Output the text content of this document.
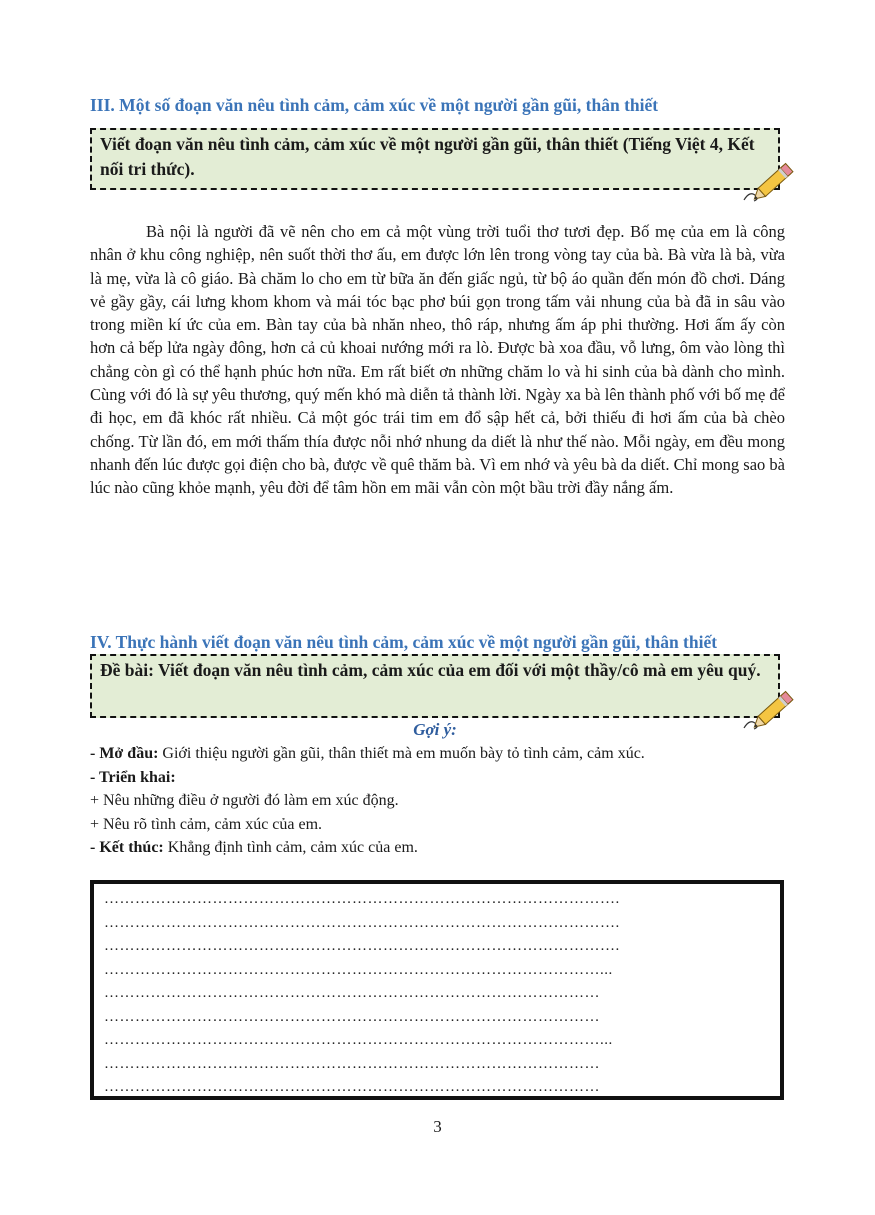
III. Một số đoạn văn nêu tình cảm, cảm xúc về một người gần gũi, thân thiết
Viết đoạn văn nêu tình cảm, cảm xúc về một người gần gũi, thân thiết (Tiếng Việt 4, Kết nối tri thức).

Bà nội là người đã vẽ nên cho em cả một vùng trời tuổi thơ tươi đẹp. Bố mẹ của em là công nhân ở khu công nghiệp, nên suốt thời thơ ấu, em được lớn lên trong vòng tay của bà. Bà vừa là bà, vừa là mẹ, vừa là cô giáo. Bà chăm lo cho em từ bữa ăn đến giấc ngủ, từ bộ áo quần đến món đồ chơi. Dáng vẻ gầy gầy, cái lưng khom khom và mái tóc bạc phơ búi gọn trong tấm vải nhung của bà đã in sâu vào trong miền kí ức của em. Bàn tay của bà nhăn nheo, thô ráp, nhưng ấm áp phi thường. Hơi ấm ấy còn hơn cả bếp lửa ngày đông, hơn cả củ khoai nướng mới ra lò. Được bà xoa đầu, vỗ lưng, ôm vào lòng thì chẳng còn gì có thể hạnh phúc hơn nữa. Em rất biết ơn những chăm lo và hi sinh của bà dành cho mình. Cùng với đó là sự yêu thương, quý mến khó mà diễn tả thành lời. Ngày xa bà lên thành phố với bố mẹ để đi học, em đã khóc rất nhiều. Cả một góc trái tim em đổ sập hết cả, bởi thiếu đi hơi ấm của bà chèo chống. Từ lần đó, em mới thấm thía được nỗi nhớ nhung da diết là như thế nào. Mỗi ngày, em đều mong nhanh đến lúc được gọi điện cho bà, được về quê thăm bà. Vì em nhớ và yêu bà da diết. Chỉ mong sao bà lúc nào cũng khỏe mạnh, yêu đời để tâm hồn em mãi vẫn còn một bầu trời đầy nắng ấm.

IV. Thực hành viết đoạn văn nêu tình cảm, cảm xúc về một người gần gũi, thân thiết
Đề bài: Viết đoạn văn nêu tình cảm, cảm xúc của em đối với một thầy/cô mà em yêu quý.
Gợi ý:
- Mở đầu: Giới thiệu người gần gũi, thân thiết mà em muốn bày tỏ tình cảm, cảm xúc.
- Triển khai:
+ Nêu những điều ở người đó làm em xúc động.
+ Nêu rõ tình cảm, cảm xúc của em.
- Kết thúc: Khẳng định tình cảm, cảm xúc của em.
……………………………………………………………………………………….
……………………………………………………………………………………….
……………………………………………………………………………………….
……………………………………………………………………………………...
……………………………………………………………………………………
……………………………………………………………………………………
……………………………………………………………………………………...
……………………………………………………………………………………
……………………………………………………………………………………
3
